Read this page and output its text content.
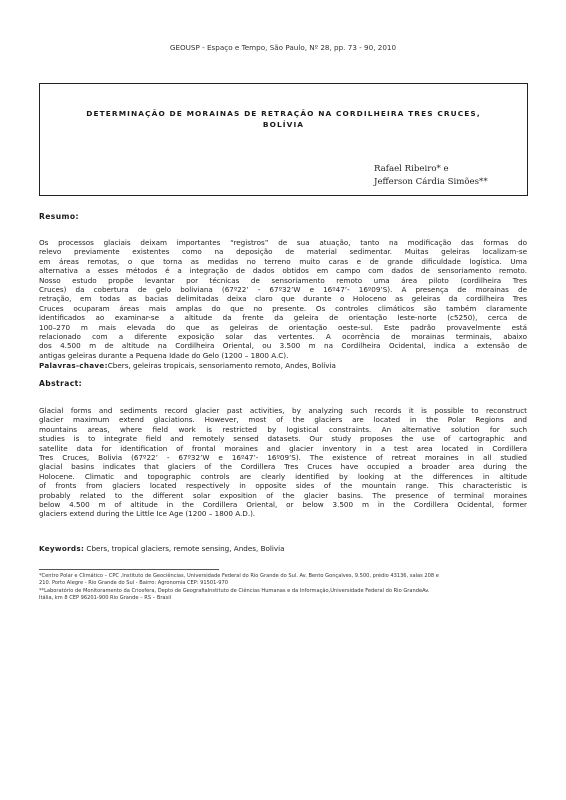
GEOUSP - Espaço e Tempo, São Paulo, Nº 28, pp. 73 - 90, 2010
DETERMINAÇÃO DE MORAINAS DE RETRAÇÃO NA CORDILHEIRA TRES CRUCES,
BOLÍVIA
Rafael Ribeiro* e
Jefferson Cárdia Simões**
Resumo:
Os processos glaciais deixam importantes “registros” de sua atuação, tanto na modificação das formas do
relevo previamente existentes como na deposição de material sedimentar. Muitas geleiras localizam-se
em áreas remotas, o que torna as medidas no terreno muito caras e de grande dificuldade logística. Uma
alternativa a esses métodos é a integração de dados obtidos em campo com dados de sensoriamento remoto.
Nosso estudo propõe levantar por técnicas de sensoriamento remoto uma área piloto (cordilheira Tres
Cruces) da cobertura de gelo boliviana (67º22’ - 67º32’W e 16º47’- 16º09’S). A presença de morainas de
retração, em todas as bacias delimitadas deixa claro que durante o Holoceno as geleiras da cordilheira Tres
Cruces ocuparam áreas mais amplas do que no presente. Os controles climáticos são também claramente
identificados ao examinar-se a altitude da frente da geleira de orientação leste-norte (c5250), cerca de
100–270 m mais elevada do que as geleiras de orientação oeste-sul. Este padrão provavelmente está
relacionado com a diferente exposição solar das vertentes. A ocorrência de morainas terminais, abaixo
dos 4.500 m de altitude na Cordilheira Oriental, ou 3.500 m na Cordilheira Ocidental, indica a extensão de
antigas geleiras durante a Pequena Idade do Gelo (1200 – 1800 A.C).
Palavras-chave:Cbers, geleiras tropicais, sensoriamento remoto, Andes, Bolívia
Abstract:
Glacial forms and sediments record glacier past activities, by analyzing such records it is possible to reconstruct
glacier maximum extend glaciations. However, most of the glaciers are located in the Polar Regions and
mountains areas, where field work is restricted by logistical constraints. An alternative solution for such
studies is to integrate field and remotely sensed datasets. Our study proposes the use of cartographic and
satellite data for identification of frontal moraines and glacier inventory in a test area located in Cordillera
Tres Cruces, Bolivia (67º22’ - 67º32’W e 16º47’- 16º09’S). The existence of retreat moraines in all studied
glacial basins indicates that glaciers of the Cordillera Tres Cruces have occupied a broader area during the
Holocene. Climatic and topographic controls are clearly identified by looking at the differences in altitude
of fronts from glaciers located respectively in opposite sides of the mountain range. This characteristic is
probably related to the different solar exposition of the glacier basins. The presence of terminal moraines
below 4.500 m of altitude in the Cordillera Oriental, or below 3.500 m in the Cordillera Ocidental, former
glaciers extend during the Little Ice Age (1200 – 1800 A.D.).
Keywords: Cbers, tropical glaciers, remote sensing, Andes, Bolivia
*Centro Polar e Climático – CPC ,Instituto de Geociências, Universidade Federal do Rio Grande do Sul. Av. Bento Gonçalves, 9.500, prédio 43136, salas 208 e
210. Porto Alegre - Rio Grande do Sul - Bairro: Agronomia CEP: 91501-970
**Laboratório de Monitoramento da Criosfera, Depto de GeografiaInstituto de Ciências Humanas e da Informação,Universidade Federal do Rio GrandeAv.
Itália, km 8 CEP 96201-900 Rio Grande – RS – Brasil
